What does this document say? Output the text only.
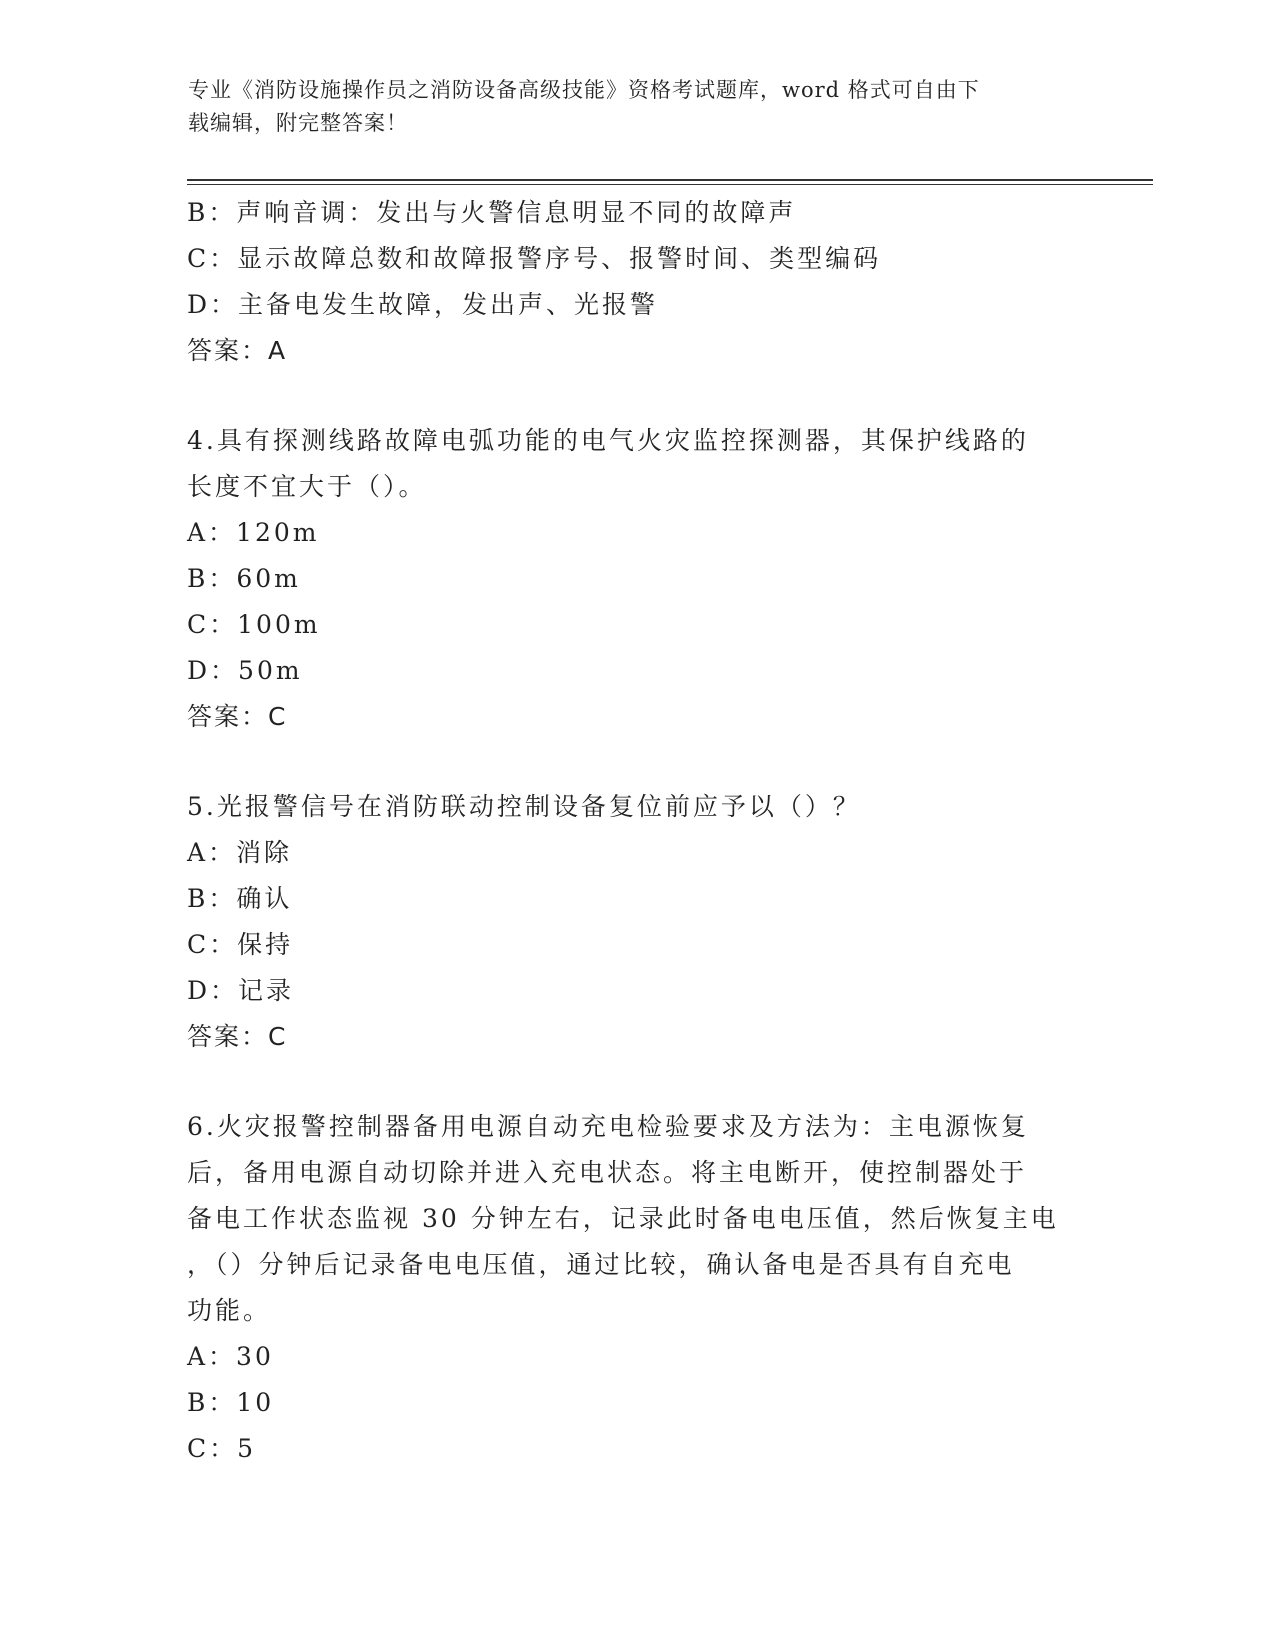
专业《消防设施操作员之消防设备高级技能》资格考试题库，word 格式可自由下
载编辑，附完整答案！
B：声响音调：发出与火警信息明显不同的故障声
C：显示故障总数和故障报警序号、报警时间、类型编码
D：主备电发生故障，发出声、光报警
答案：A
4.具有探测线路故障电弧功能的电气火灾监控探测器，其保护线路的
长度不宜大于（）。
A：120m
B：60m
C：100m
D：50m
答案：C
5.光报警信号在消防联动控制设备复位前应予以（）？
A：消除
B：确认
C：保持
D：记录
答案：C
6.火灾报警控制器备用电源自动充电检验要求及方法为：主电源恢复
后，备用电源自动切除并进入充电状态。将主电断开，使控制器处于
备电工作状态监视 30 分钟左右，记录此时备电电压值，然后恢复主电
，（）分钟后记录备电电压值，通过比较，确认备电是否具有自充电
功能。
A：30
B：10
C：5
